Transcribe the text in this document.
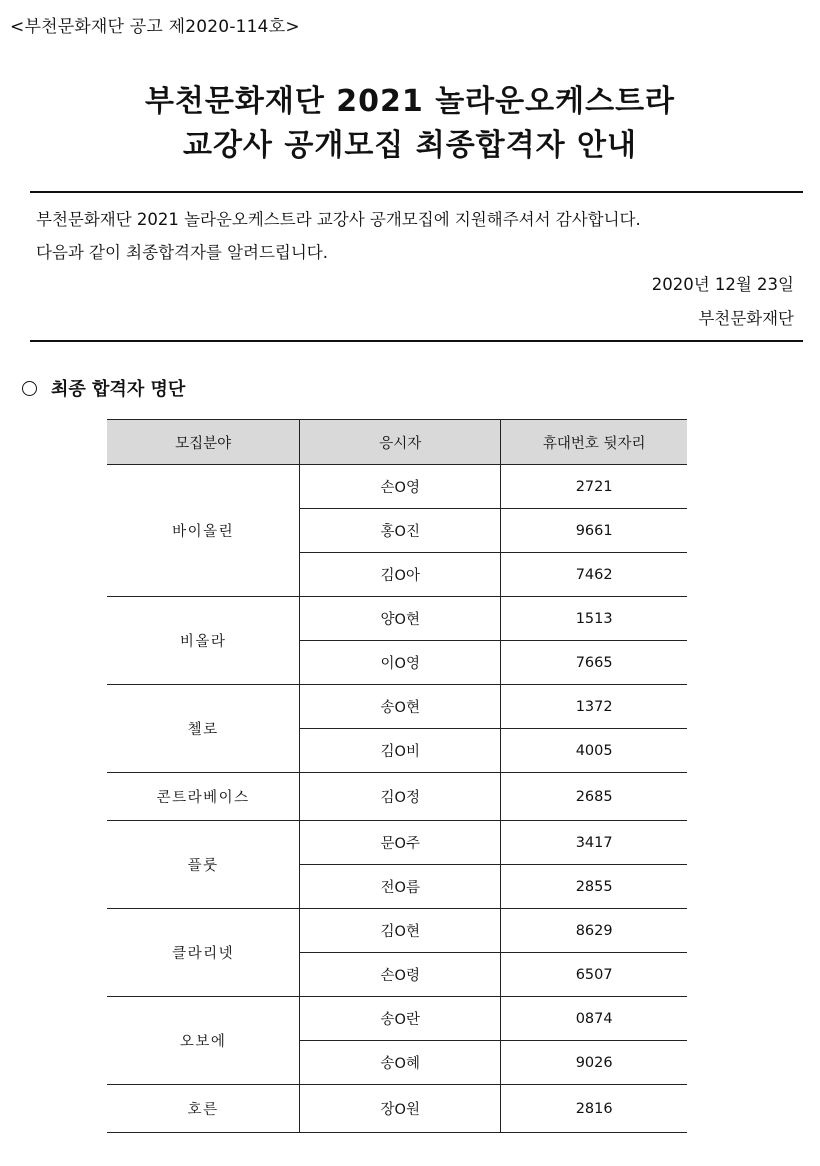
<부천문화재단 공고 제2020-114호>
부천문화재단 2021 놀라운오케스트라
교강사 공개모집 최종합격자 안내
부천문화재단 2021 놀라운오케스트라 교강사 공개모집에 지원해주셔서 감사합니다.
다음과 같이 최종합격자를 알려드립니다.
2020년 12월 23일
부천문화재단
최종 합격자 명단
모집분야	응시자	휴대번호 뒷자리
바이올린	손O영	2721
	홍O진	9661
	김O아	7462
비올라	양O현	1513
	이O영	7665
첼로	송O현	1372
	김O비	4005
콘트라베이스	김O정	2685
플룻	문O주	3417
	전O름	2855
클라리넷	김O현	8629
	손O령	6507
오보에	송O란	0874
	송O혜	9026
호른	장O원	2816
